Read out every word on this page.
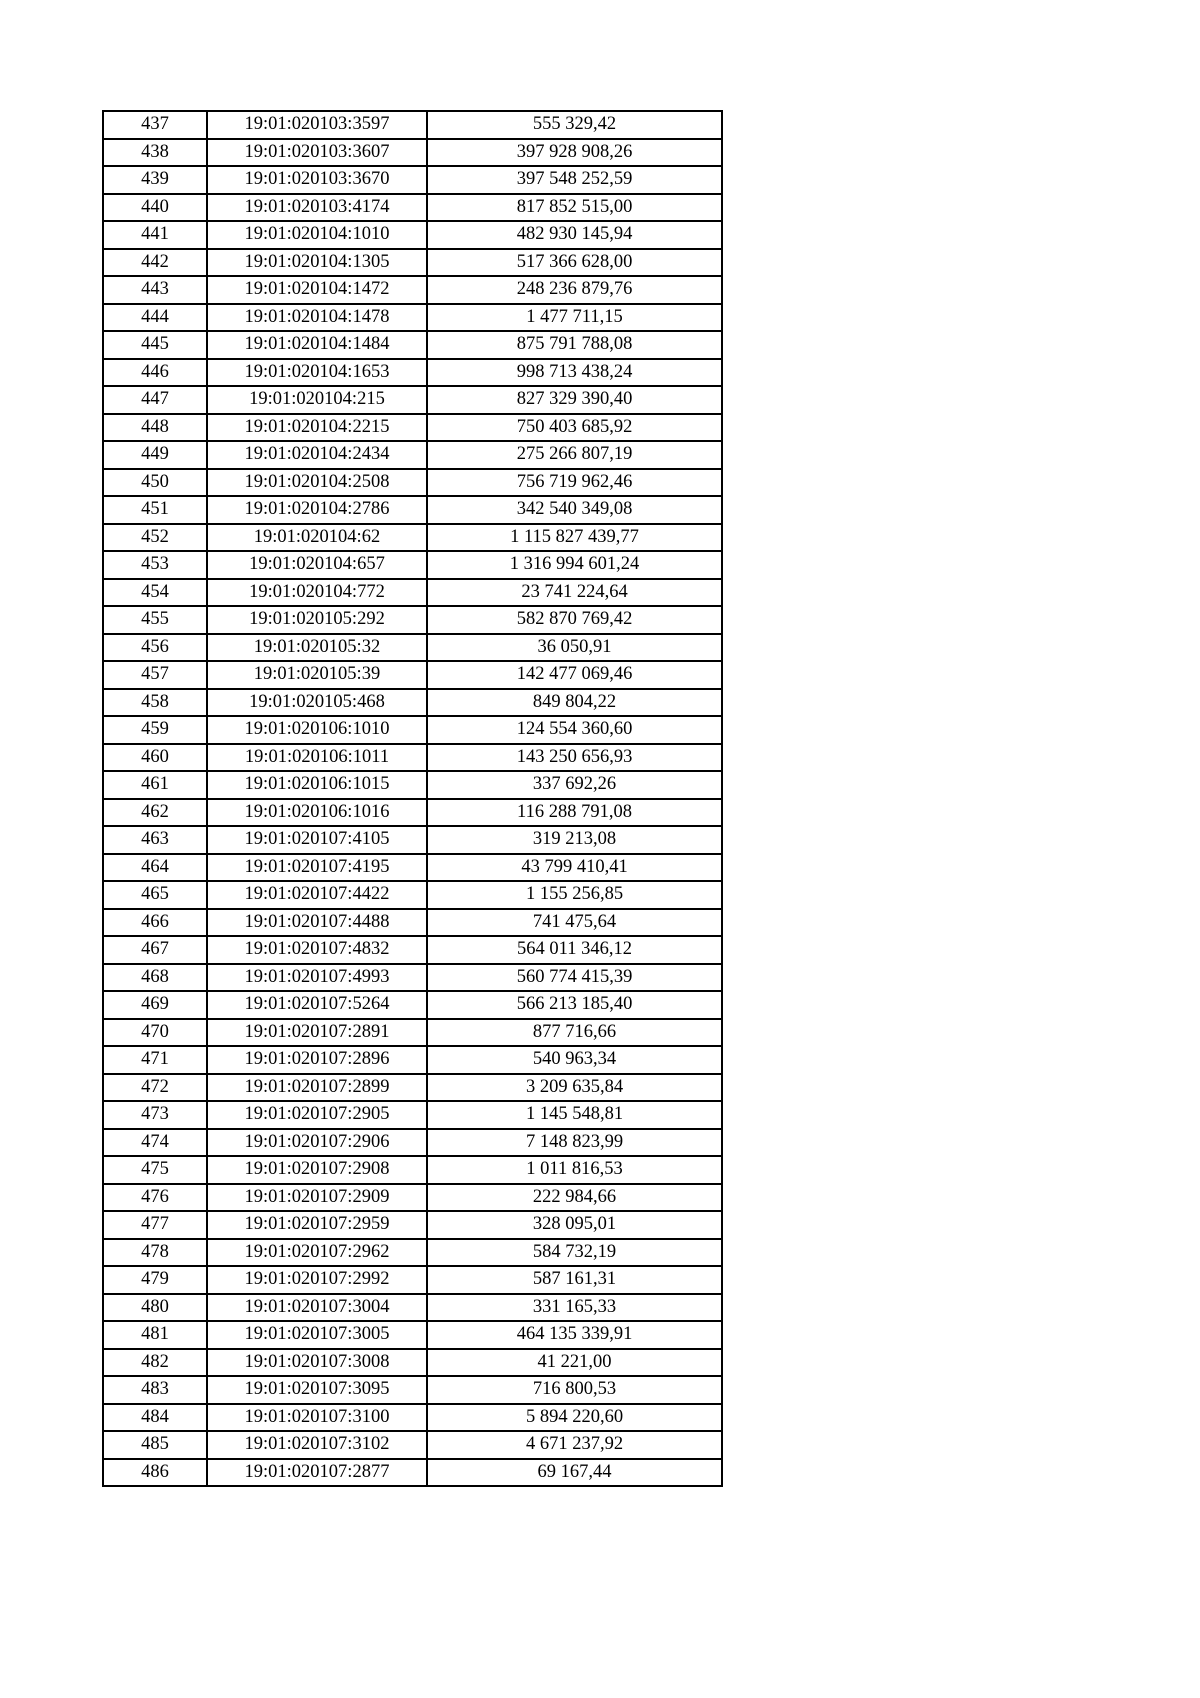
437	19:01:020103:3597	555 329,42
438	19:01:020103:3607	397 928 908,26
439	19:01:020103:3670	397 548 252,59
440	19:01:020103:4174	817 852 515,00
441	19:01:020104:1010	482 930 145,94
442	19:01:020104:1305	517 366 628,00
443	19:01:020104:1472	248 236 879,76
444	19:01:020104:1478	1 477 711,15
445	19:01:020104:1484	875 791 788,08
446	19:01:020104:1653	998 713 438,24
447	19:01:020104:215	827 329 390,40
448	19:01:020104:2215	750 403 685,92
449	19:01:020104:2434	275 266 807,19
450	19:01:020104:2508	756 719 962,46
451	19:01:020104:2786	342 540 349,08
452	19:01:020104:62	1 115 827 439,77
453	19:01:020104:657	1 316 994 601,24
454	19:01:020104:772	23 741 224,64
455	19:01:020105:292	582 870 769,42
456	19:01:020105:32	36 050,91
457	19:01:020105:39	142 477 069,46
458	19:01:020105:468	849 804,22
459	19:01:020106:1010	124 554 360,60
460	19:01:020106:1011	143 250 656,93
461	19:01:020106:1015	337 692,26
462	19:01:020106:1016	116 288 791,08
463	19:01:020107:4105	319 213,08
464	19:01:020107:4195	43 799 410,41
465	19:01:020107:4422	1 155 256,85
466	19:01:020107:4488	741 475,64
467	19:01:020107:4832	564 011 346,12
468	19:01:020107:4993	560 774 415,39
469	19:01:020107:5264	566 213 185,40
470	19:01:020107:2891	877 716,66
471	19:01:020107:2896	540 963,34
472	19:01:020107:2899	3 209 635,84
473	19:01:020107:2905	1 145 548,81
474	19:01:020107:2906	7 148 823,99
475	19:01:020107:2908	1 011 816,53
476	19:01:020107:2909	222 984,66
477	19:01:020107:2959	328 095,01
478	19:01:020107:2962	584 732,19
479	19:01:020107:2992	587 161,31
480	19:01:020107:3004	331 165,33
481	19:01:020107:3005	464 135 339,91
482	19:01:020107:3008	41 221,00
483	19:01:020107:3095	716 800,53
484	19:01:020107:3100	5 894 220,60
485	19:01:020107:3102	4 671 237,92
486	19:01:020107:2877	69 167,44
